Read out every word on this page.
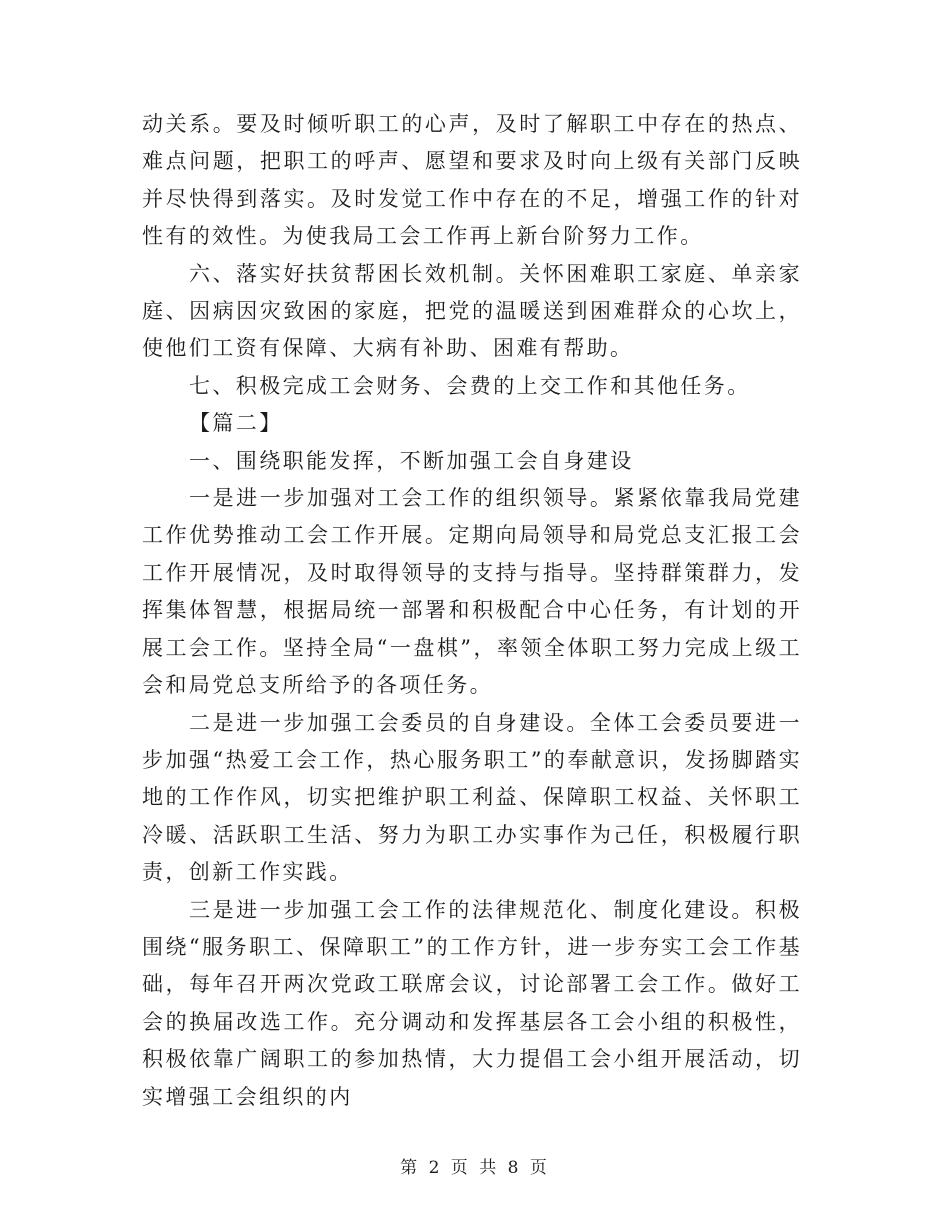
动关系。要及时倾听职工的心声，及时了解职工中存在的热点、难点问题，把职工的呼声、愿望和要求及时向上级有关部门反映并尽快得到落实。及时发觉工作中存在的不足，增强工作的针对性有的效性。为使我局工会工作再上新台阶努力工作。

六、落实好扶贫帮困长效机制。关怀困难职工家庭、单亲家庭、因病因灾致困的家庭，把党的温暖送到困难群众的心坎上，使他们工资有保障、大病有补助、困难有帮助。

七、积极完成工会财务、会费的上交工作和其他任务。

【篇二】

一、围绕职能发挥，不断加强工会自身建设

一是进一步加强对工会工作的组织领导。紧紧依靠我局党建工作优势推动工会工作开展。定期向局领导和局党总支汇报工会工作开展情况，及时取得领导的支持与指导。坚持群策群力，发挥集体智慧，根据局统一部署和积极配合中心任务，有计划的开展工会工作。坚持全局“一盘棋”，率领全体职工努力完成上级工会和局党总支所给予的各项任务。

二是进一步加强工会委员的自身建设。全体工会委员要进一步加强“热爱工会工作，热心服务职工”的奉献意识，发扬脚踏实地的工作作风，切实把维护职工利益、保障职工权益、关怀职工冷暖、活跃职工生活、努力为职工办实事作为己任，积极履行职责，创新工作实践。

三是进一步加强工会工作的法律规范化、制度化建设。积极围绕“服务职工、保障职工”的工作方针，进一步夯实工会工作基础，每年召开两次党政工联席会议，讨论部署工会工作。做好工会的换届改选工作。充分调动和发挥基层各工会小组的积极性，积极依靠广阔职工的参加热情，大力提倡工会小组开展活动，切实增强工会组织的内

第 2 页 共 8 页
